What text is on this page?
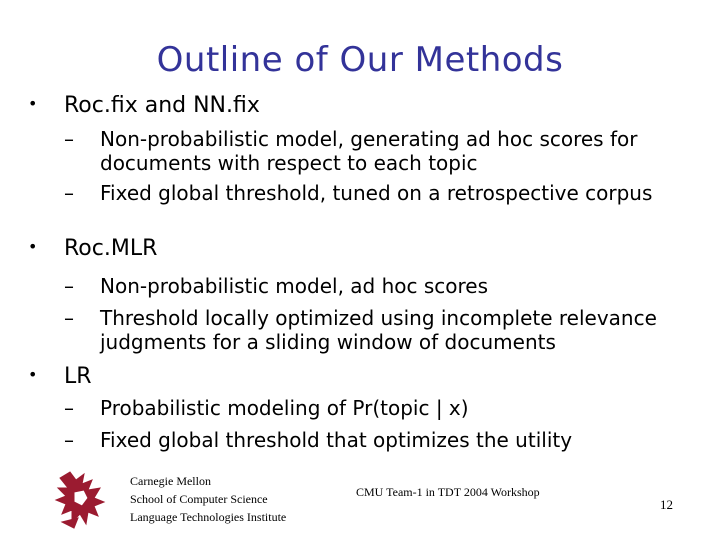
Outline of Our Methods
• Roc.fix and NN.fix
–	Non-probabilistic model, generating ad hoc scores for documents with respect to each topic
–	Fixed global threshold, tuned on a retrospective corpus
• Roc.MLR
–	Non-probabilistic model, ad hoc scores
–	Threshold locally optimized using incomplete relevance judgments for a sliding window of documents
• LR
–	Probabilistic modeling of Pr(topic | x)
–	Fixed global threshold that optimizes the utility
Carnegie Mellon
School of Computer Science
Language Technologies Institute
CMU Team-1 in TDT 2004 Workshop
12
